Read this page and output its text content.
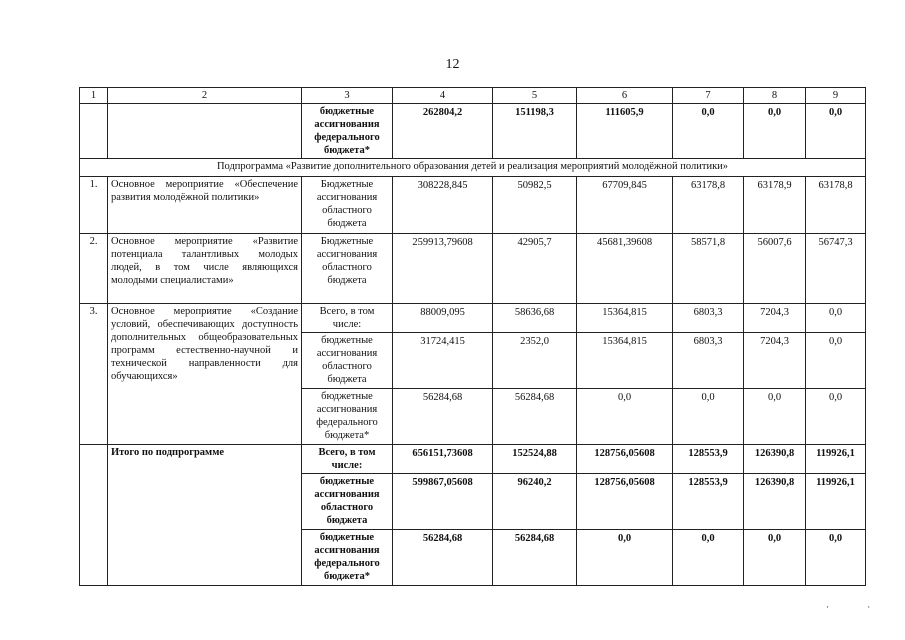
12
1	2	3	4	5	6	7	8	9
		бюджетные ассигнования федерального бюджета*	262804,2	151198,3	111605,9	0,0	0,0	0,0
Подпрограмма «Развитие дополнительного образования детей и реализация мероприятий молодёжной политики»								
1.	Основное мероприятие «Обеспечение развития молодёжной политики»	Бюджетные ассигнования областного бюджета	308228,845	50982,5	67709,845	63178,8	63178,9	63178,8
2.	Основное мероприятие «Развитие потенциала талантливых молодых людей, в том числе являющихся молодыми специалистами»	Бюджетные ассигнования областного бюджета	259913,79608	42905,7	45681,39608	58571,8	56007,6	56747,3
3.	Основное мероприятие «Создание условий, обеспечивающих доступность дополнительных общеобразовательных программ естественно-научной и технической направленности для обучающихся»	Всего, в том числе:	88009,095	58636,68	15364,815	6803,3	7204,3	0,0
		бюджетные ассигнования областного бюджета	31724,415	2352,0	15364,815	6803,3	7204,3	0,0
		бюджетные ассигнования федерального бюджета*	56284,68	56284,68	0,0	0,0	0,0	0,0
	Итого по подпрограмме	Всего, в том числе:	656151,73608	152524,88	128756,05608	128553,9	126390,8	119926,1
		бюджетные ассигнования областного бюджета	599867,05608	96240,2	128756,05608	128553,9	126390,8	119926,1
		бюджетные ассигнования федерального бюджета*	56284,68	56284,68	0,0	0,0	0,0	0,0
· ·
